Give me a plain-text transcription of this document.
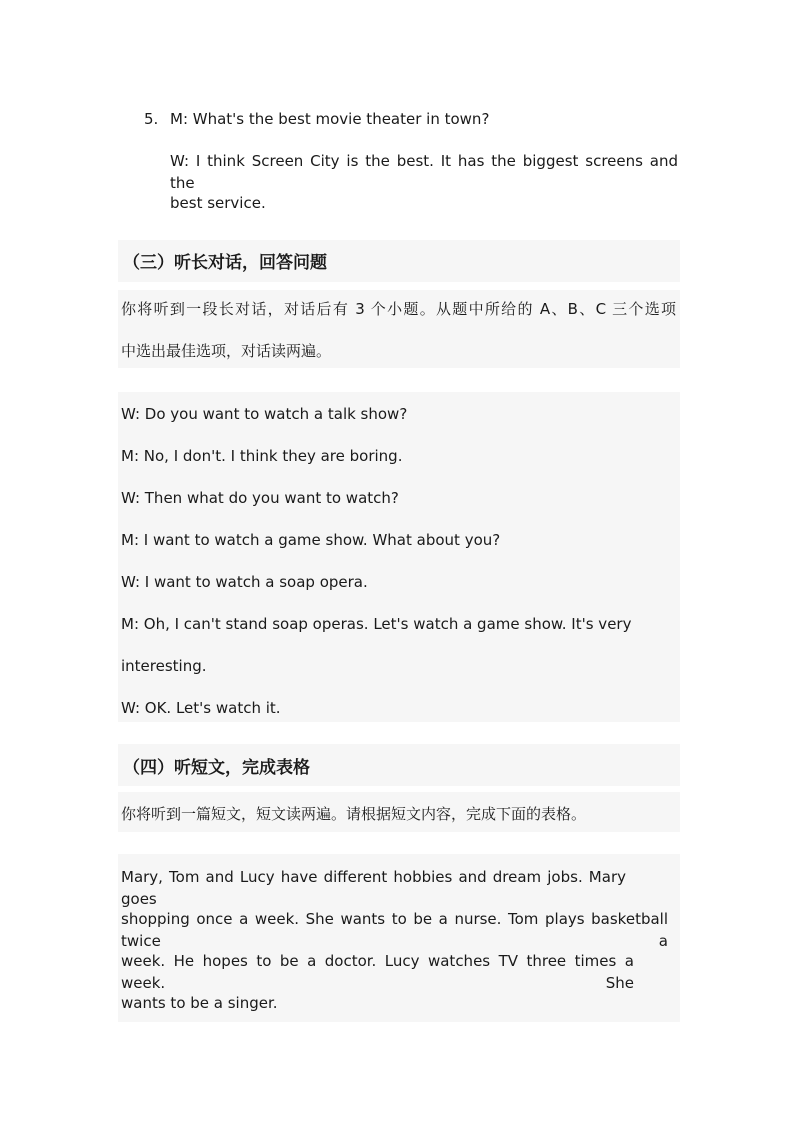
5. M: What's the best movie theater in town?
W: I think Screen City is the best. It has the biggest screens and the
best service.
（三）听长对话，回答问题
你将听到一段长对话，对话后有 3 个小题。从题中所给的 A、B、C 三个选项
中选出最佳选项，对话读两遍。
W: Do you want to watch a talk show?
M: No, I don't. I think they are boring.
W: Then what do you want to watch?
M: I want to watch a game show. What about you?
W: I want to watch a soap opera.
M: Oh, I can't stand soap operas. Let's watch a game show. It's very
interesting.
W: OK. Let's watch it.
（四）听短文，完成表格
你将听到一篇短文，短文读两遍。请根据短文内容，完成下面的表格。
Mary, Tom and Lucy have different hobbies and dream jobs. Mary goes
shopping once a week. She wants to be a nurse. Tom plays basketball twice a
week. He hopes to be a doctor. Lucy watches TV three times a week. She
wants to be a singer.
